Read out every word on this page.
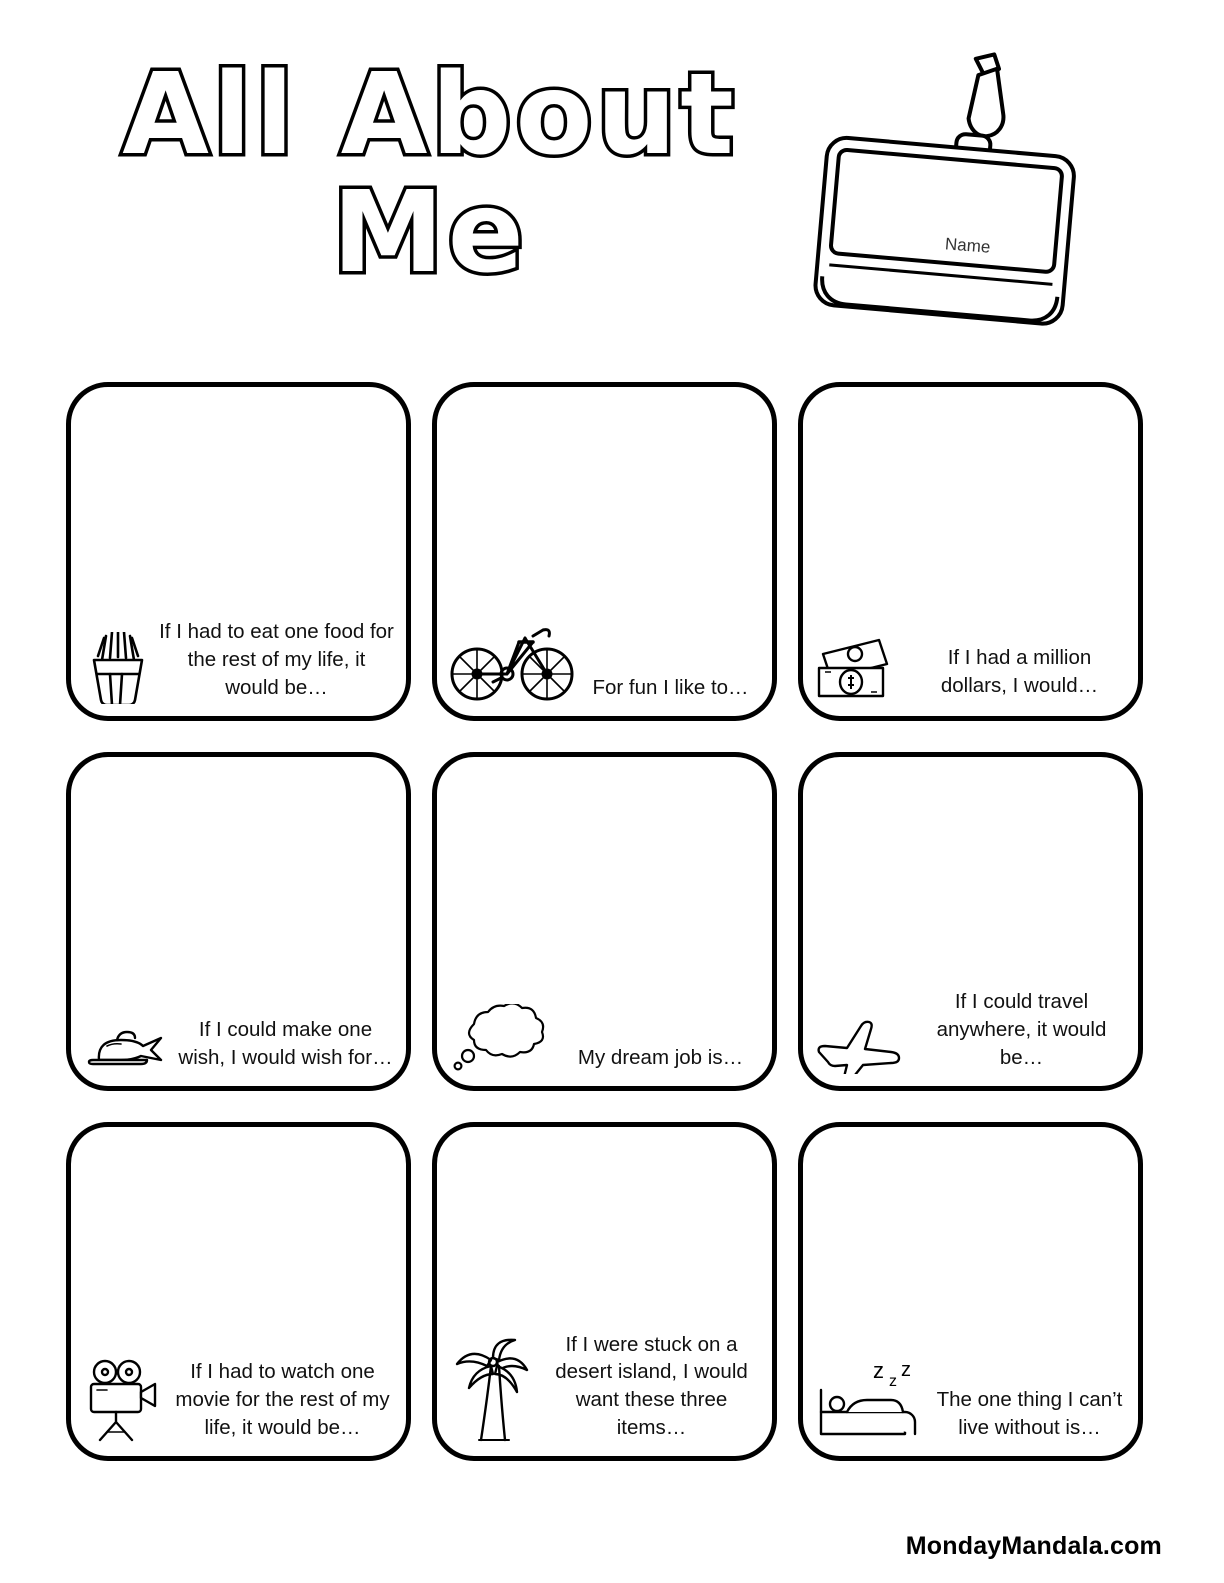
All About
Me	Name
If I had to eat one food for the rest of my life, it would be…	For fun I like to…
If I had a million dollars, I would…
If I could make one wish, I would wish for…	My dream job is…
If I could travel anywhere, it would be…
If I had to watch one movie for the rest of my life, it would be…
If I were stuck on a desert island, I would want these three items…
z z
z
The one thing I can’t live without is…
MondayMandala.com
